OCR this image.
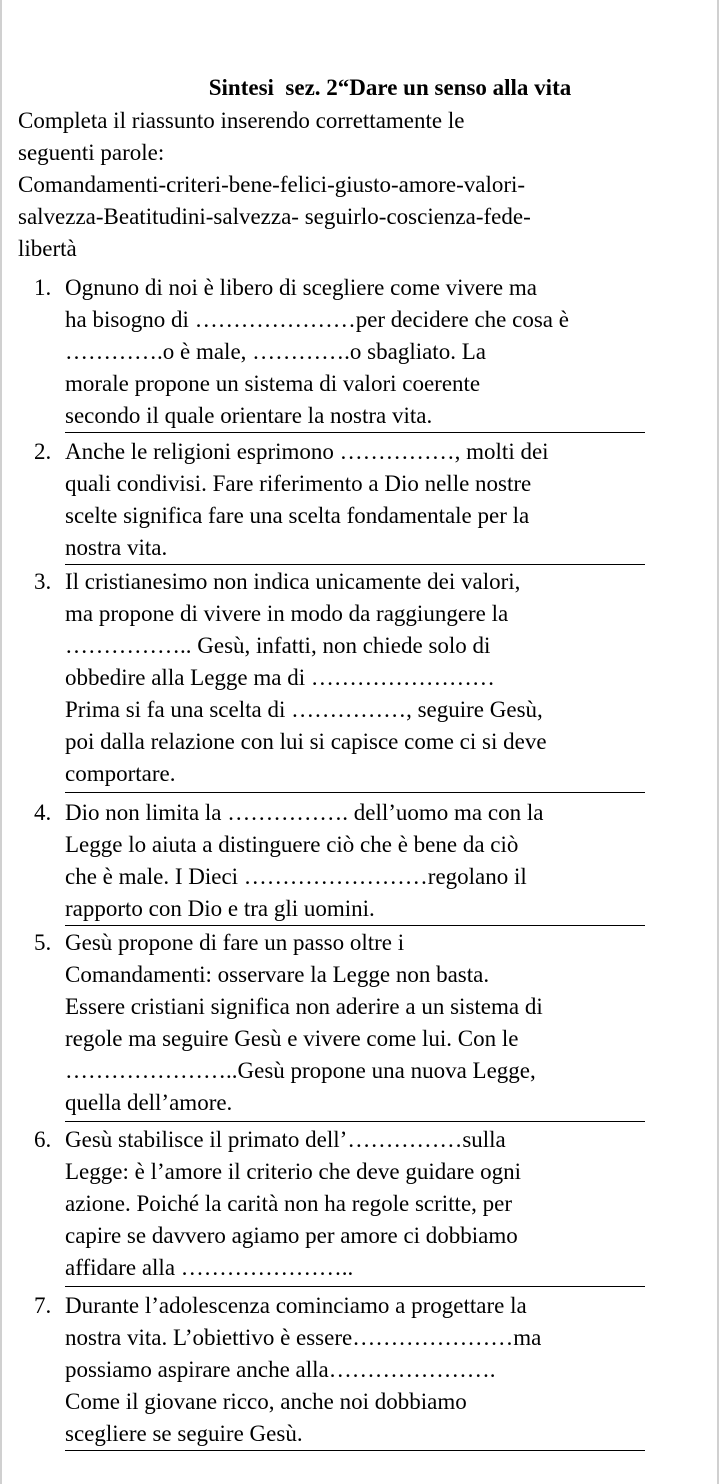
Sintesi  sez. 2“Dare un senso alla vita
Completa il riassunto inserendo correttamente le
seguenti parole:
Comandamenti-criteri-bene-felici-giusto-amore-valori-
salvezza-Beatitudini-salvezza- seguirlo-coscienza-fede-
libertà
1. Ognuno di noi è libero di scegliere come vivere ma
ha bisogno di …………………per decidere che cosa è
………….o è male, ………….o sbagliato. La
morale propone un sistema di valori coerente
secondo il quale orientare la nostra vita.
2. Anche le religioni esprimono ……………, molti dei
quali condivisi. Fare riferimento a Dio nelle nostre
scelte significa fare una scelta fondamentale per la
nostra vita.
3. Il cristianesimo non indica unicamente dei valori,
ma propone di vivere in modo da raggiungere la
…………….. Gesù, infatti, non chiede solo di
obbedire alla Legge ma di ……………………
Prima si fa una scelta di ……………, seguire Gesù,
poi dalla relazione con lui si capisce come ci si deve
comportare.
4. Dio non limita la ……………. dell’uomo ma con la
Legge lo aiuta a distinguere ciò che è bene da ciò
che è male. I Dieci ……………………regolano il
rapporto con Dio e tra gli uomini.
5. Gesù propone di fare un passo oltre i
Comandamenti: osservare la Legge non basta.
Essere cristiani significa non aderire a un sistema di
regole ma seguire Gesù e vivere come lui. Con le
…………………..Gesù propone una nuova Legge,
quella dell’amore.
6. Gesù stabilisce il primato dell’……………sulla
Legge: è l’amore il criterio che deve guidare ogni
azione. Poiché la carità non ha regole scritte, per
capire se davvero agiamo per amore ci dobbiamo
affidare alla …………………..
7. Durante l’adolescenza cominciamo a progettare la
nostra vita. L’obiettivo è essere…………………ma
possiamo aspirare anche alla………………….
Come il giovane ricco, anche noi dobbiamo
scegliere se seguire Gesù.
